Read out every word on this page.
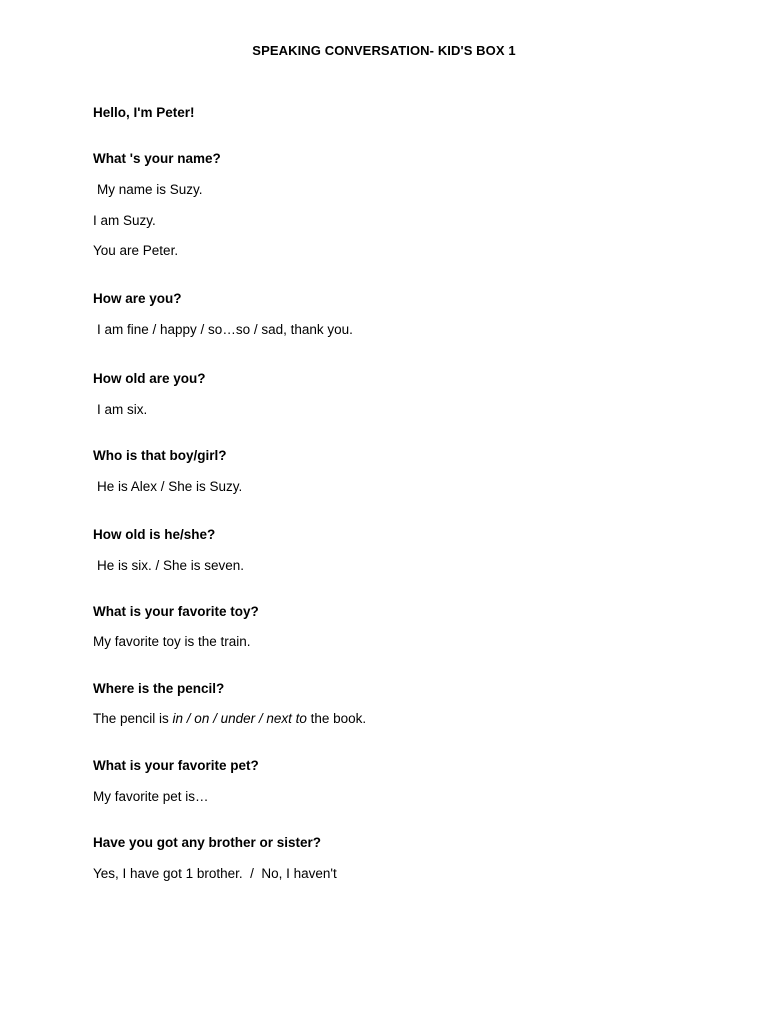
SPEAKING CONVERSATION- KID'S BOX 1
Hello, I'm Peter!
What 's your name?
My name is Suzy.
I am Suzy.
You are Peter.
How are you?
I am fine / happy / so…so / sad, thank you.
How old are you?
I am six.
Who is that boy/girl?
He is Alex / She is Suzy.
How old is he/she?
He is six. / She is seven.
What is your favorite toy?
My favorite toy is the train.
Where is the pencil?
The pencil is in / on / under / next to the book.
What is your favorite pet?
My favorite pet is…
Have you got any brother or sister?
Yes, I have got 1 brother.  /  No, I haven't
